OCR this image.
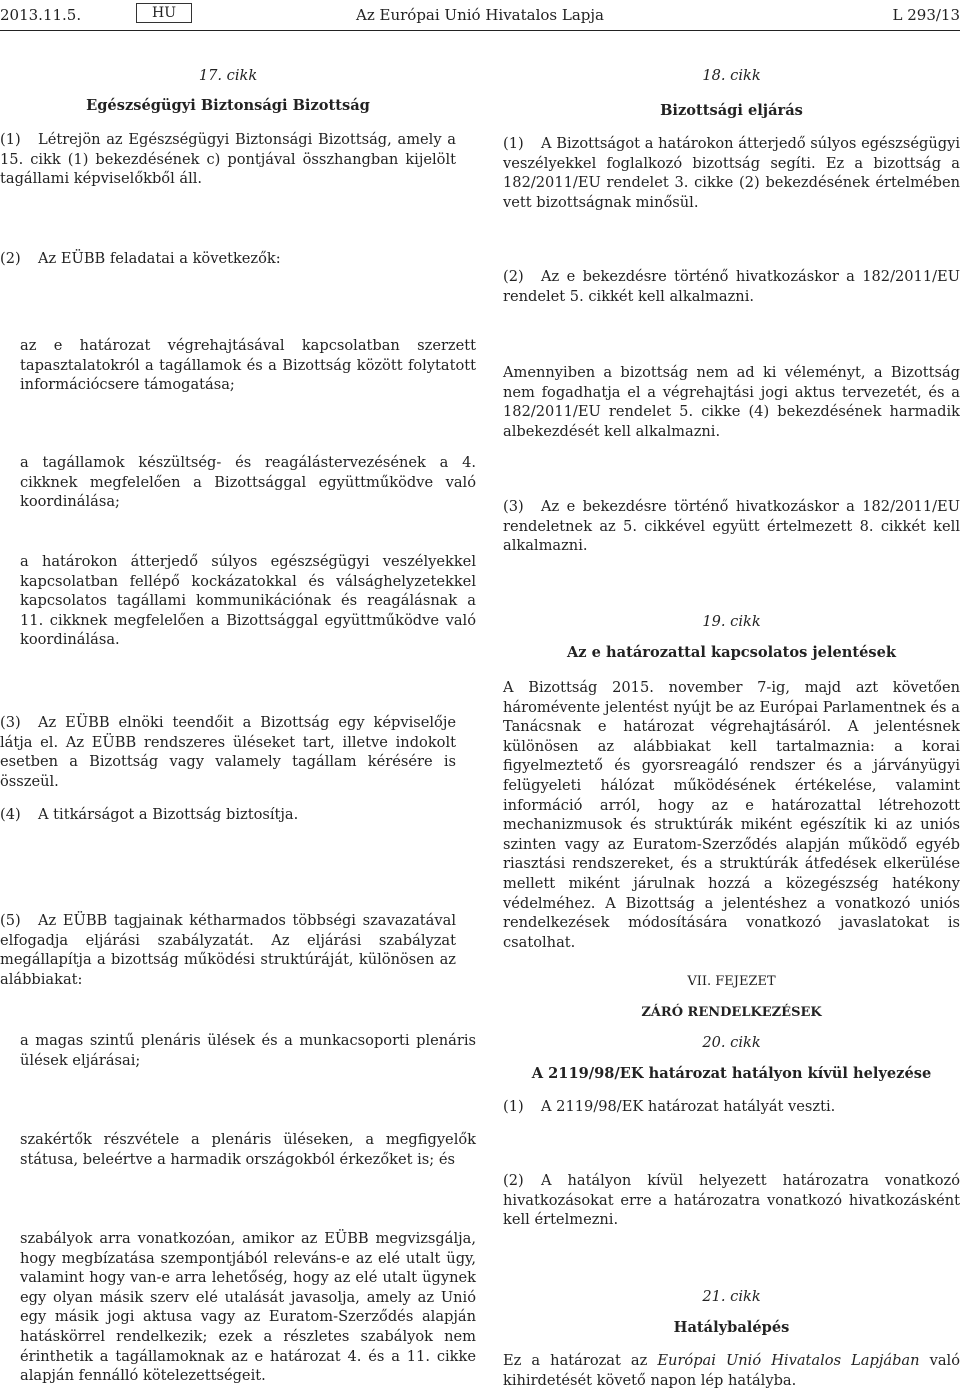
2013.11.5.	HU	Az Európai Unió Hivatalos Lapja	L 293/13

17. cikk

Egészségügyi Biztonsági Bizottság

(1) Létrejön az Egészségügyi Biztonsági Bizottság, amely a 15. cikk (1) bekezdésének c) pontjával összhangban kijelölt tagállami képviselőkből áll.

(2) Az EÜBB feladatai a következők:

az e határozat végrehajtásával kapcsolatban szerzett tapasztalatokról a tagállamok és a Bizottság között folytatott információcsere támogatása;

a tagállamok készültség- és reagálástervezésének a 4. cikknek megfelelően a Bizottsággal együttműködve való koordinálása;

a határokon átterjedő súlyos egészségügyi veszélyekkel kapcsolatban fellépő kockázatokkal és válsághelyzetekkel kapcsolatos tagállami kommunikációnak és reagálásnak a 11. cikknek megfelelően a Bizottsággal együttműködve való koordinálása.

(3) Az EÜBB elnöki teendőit a Bizottság egy képviselője látja el. Az EÜBB rendszeres üléseket tart, illetve indokolt esetben a Bizottság vagy valamely tagállam kérésére is összeül.

(4) A titkárságot a Bizottság biztosítja.

(5) Az EÜBB tagjainak kétharmados többségi szavazatával elfogadja eljárási szabályzatát. Az eljárási szabályzat megállapítja a bizottság működési struktúráját, különösen az alábbiakat:

a magas szintű plenáris ülések és a munkacsoporti plenáris ülések eljárásai;

szakértők részvétele a plenáris üléseken, a megfigyelők státusa, beleértve a harmadik országokból érkezőket is; és

szabályok arra vonatkozóan, amikor az EÜBB megvizsgálja, hogy megbízatása szempontjából releváns-e az elé utalt ügy, valamint hogy van-e arra lehetőség, hogy az elé utalt ügynek egy olyan másik szerv elé utalását javasolja, amely az Unió egy másik jogi aktusa vagy az Euratom-Szerződés alapján hatáskörrel rendelkezik; ezek a részletes szabályok nem érinthetik a tagállamoknak az e határozat 4. és a 11. cikke alapján fennálló kötelezettségeit.

18. cikk

Bizottsági eljárás

(1) A Bizottságot a határokon átterjedő súlyos egészségügyi veszélyekkel foglalkozó bizottság segíti. Ez a bizottság a 182/2011/EU rendelet 3. cikke (2) bekezdésének értelmében vett bizottságnak minősül.

(2) Az e bekezdésre történő hivatkozáskor a 182/2011/EU rendelet 5. cikkét kell alkalmazni.

Amennyiben a bizottság nem ad ki véleményt, a Bizottság nem fogadhatja el a végrehajtási jogi aktus tervezetét, és a 182/2011/EU rendelet 5. cikke (4) bekezdésének harmadik albekezdését kell alkalmazni.

(3) Az e bekezdésre történő hivatkozáskor a 182/2011/EU rendeletnek az 5. cikkével együtt értelmezett 8. cikkét kell alkalmazni.

19. cikk

Az e határozattal kapcsolatos jelentések

A Bizottság 2015. november 7-ig, majd azt követően háromévente jelentést nyújt be az Európai Parlamentnek és a Tanácsnak e határozat végrehajtásáról. A jelentésnek különösen az alábbiakat kell tartalmaznia: a korai figyelmeztető és gyorsreagáló rendszer és a járványügyi felügyeleti hálózat működésének értékelése, valamint információ arról, hogy az e határozattal létrehozott mechanizmusok és struktúrák miként egészítik ki az uniós szinten vagy az Euratom-Szerződés alapján működő egyéb riasztási rendszereket, és a struktúrák átfedések elkerülése mellett miként járulnak hozzá a közegészség hatékony védelméhez. A Bizottság a jelentéshez a vonatkozó uniós rendelkezések módosítására vonatkozó javaslatokat is csatolhat.

VII. FEJEZET

ZÁRÓ RENDELKEZÉSEK

20. cikk

A 2119/98/EK határozat hatályon kívül helyezése

(1) A 2119/98/EK határozat hatályát veszti.

(2) A hatályon kívül helyezett határozatra vonatkozó hivatkozásokat erre a határozatra vonatkozó hivatkozásként kell értelmezni.

21. cikk

Hatálybalépés

Ez a határozat az Európai Unió Hivatalos Lapjában való kihirdetését követő napon lép hatályba.
